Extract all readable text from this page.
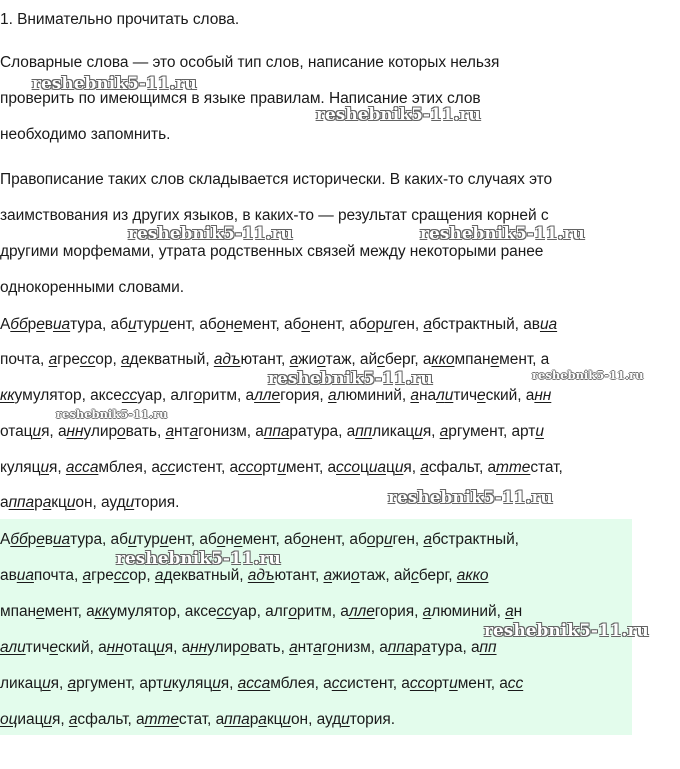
1. Внимательно прочитать слова.
Словарные слова — это особый тип слов, написание которых нельзя
проверить по имеющимся в языке правилам. Написание этих слов
необходимо запомнить.
Правописание таких слов складывается исторически. В каких-то случаях это
заимствования из других языков, в каких-то — результат сращения корней с
другими морфемами, утрата родственных связей между некоторыми ранее
однокоренными словами.
Аббревиатура, абитуриент, абонемент, абонент, абориген, абстрактный, авиа
почта, агрессор, адекватный, адъютант, ажиотаж, айсберг, аккомпанемент, а
ккумулятор, аксессуар, алгоритм, аллегория, алюминий, аналитический, анн
отация, аннулировать, антагонизм, аппаратура, аппликация, аргумент, арти
куляция, ассамблея, ассистент, ассортимент, ассоциация, асфальт, аттестат,
аппаракцион, аудитория.
Аббревиатура, абитуриент, абонемент, абонент, абориген, абстрактный,
авиапочта, агрессор, адекватный, адъютант, ажиотаж, айсберг, акко
мпанемент, аккумулятор, аксессуар, алгоритм, аллегория, алюминий, ан
алитический, аннотация, аннулировать, антагонизм, аппаратура, апп
ликация, аргумент, артикуляция, ассамблея, ассистент, ассортимент, асс
оциация, асфальт, аттестат, аппаракцион, аудитория.
reshebnik5-11.ru
reshebnik5-11.ru
reshebnik5-11.ru	reshebnik5-11.ru
reshebnik5-11.ru	reshebnik5-11.ru
reshebnik5-11.ru
reshebnik5-11.ru
reshebnik5-11.ru
reshebnik5-11.ru
